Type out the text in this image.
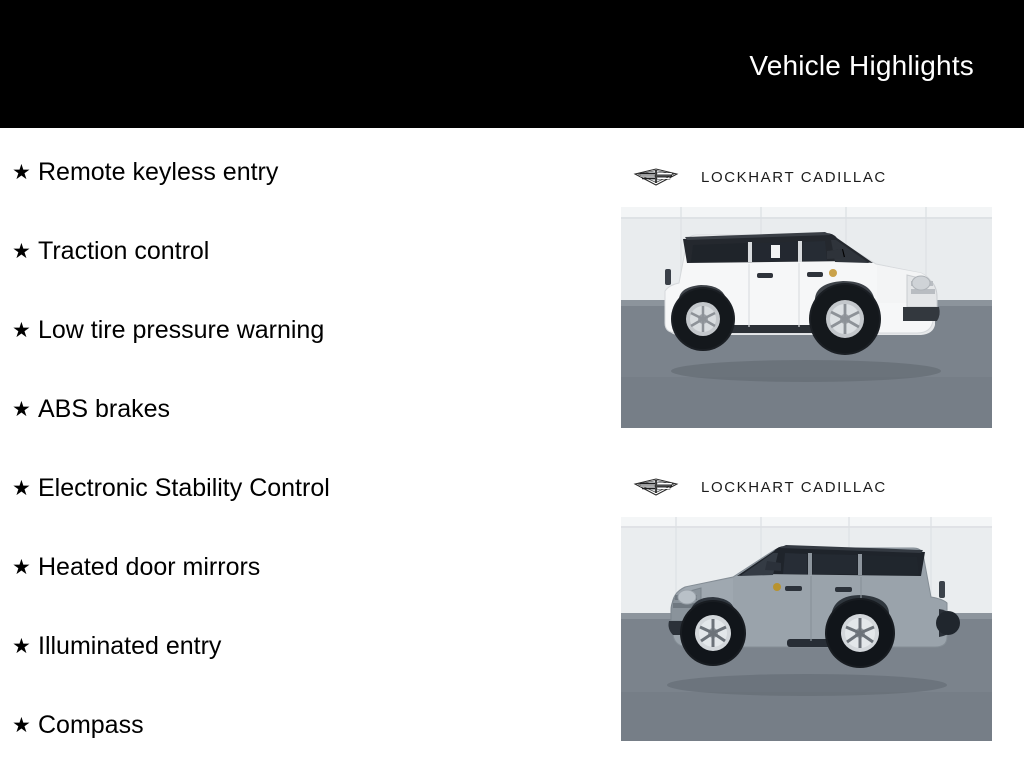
Vehicle Highlights
★ Remote keyless entry
★ Traction control
★ Low tire pressure warning
★ ABS brakes
★ Electronic Stability Control
★ Heated door mirrors
★ Illuminated entry
★ Compass
LOCKHART CADILLAC
LOCKHART CADILLAC
